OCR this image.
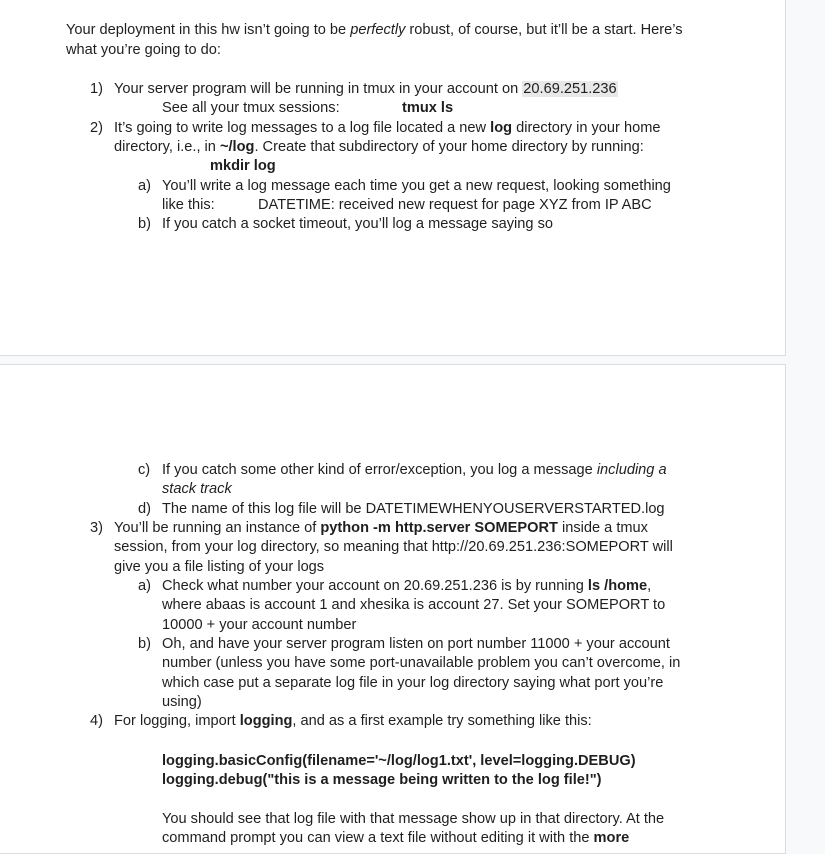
Your deployment in this hw isn’t going to be perfectly robust, of course, but it’ll be a start. Here’s
what you’re going to do:
1) Your server program will be running in tmux in your account on 20.69.251.236
See all your tmux sessions:	tmux ls
2) It’s going to write log messages to a log file located a new log directory in your home
directory, i.e., in ~/log. Create that subdirectory of your home directory by running:
mkdir log
a) You’ll write a log message each time you get a new request, looking something
like this:	DATETIME: received new request for page XYZ from IP ABC
b) If you catch a socket timeout, you’ll log a message saying so
c) If you catch some other kind of error/exception, you log a message including a
stack track
d) The name of this log file will be DATETIMEWHENYOUSERVERSTARTED.log
3) You’ll be running an instance of python -m http.server SOMEPORT inside a tmux
session, from your log directory, so meaning that http://20.69.251.236:SOMEPORT will
give you a file listing of your logs
a) Check what number your account on 20.69.251.236 is by running ls /home,
where abaas is account 1 and xhesika is account 27. Set your SOMEPORT to
10000 + your account number
b) Oh, and have your server program listen on port number 11000 + your account
number (unless you have some port-unavailable problem you can’t overcome, in
which case put a separate log file in your log directory saying what port you’re
using)
4) For logging, import logging, and as a first example try something like this:
logging.basicConfig(filename='~/log/log1.txt', level=logging.DEBUG)
logging.debug("this is a message being written to the log file!")
You should see that log file with that message show up in that directory. At the
command prompt you can view a text file without editing it with the more
